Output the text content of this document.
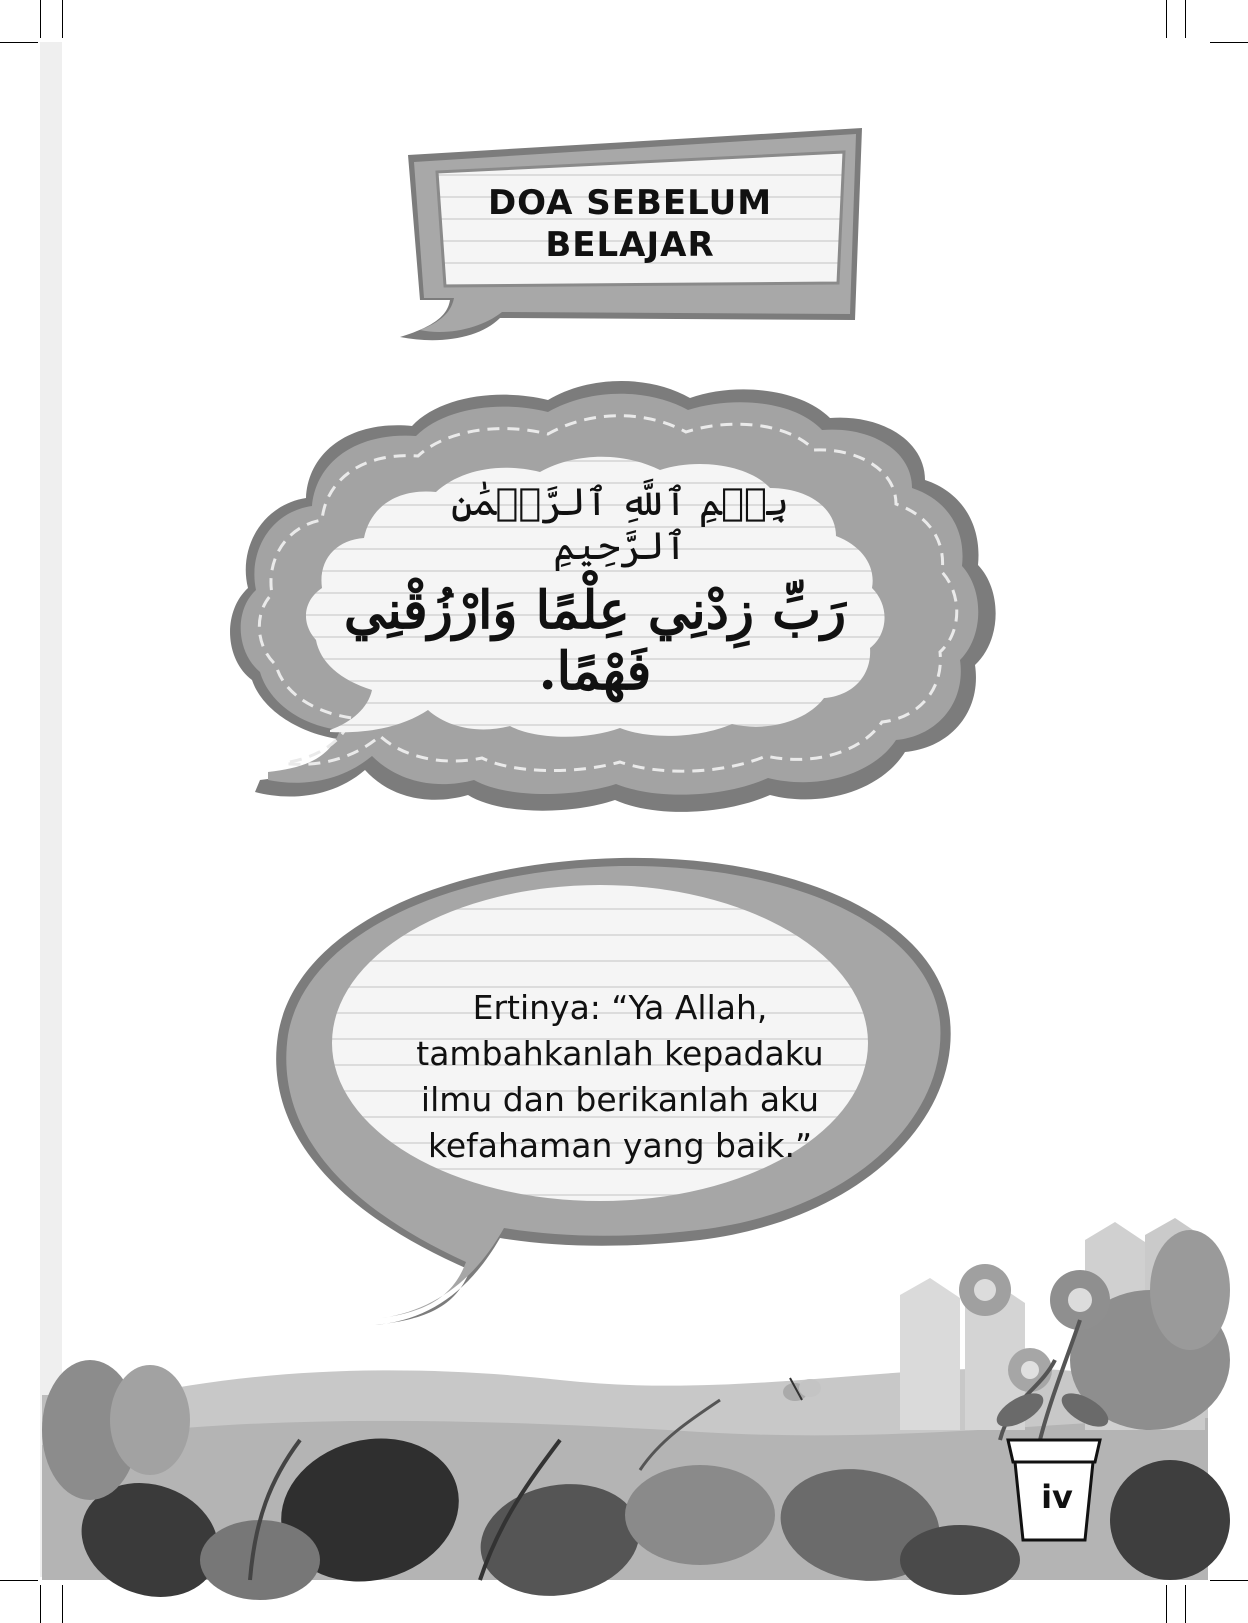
DOA SEBELUM
BELAJAR
بِسۡمِ ٱللَّهِ ٱلرَّحۡمَٰنِ ٱلرَّحِيمِ
رَبِّ زِدْنِي عِلْمًا وَارْزُقْنِي فَهْمًا.
Ertinya: “Ya Allah,
tambahkanlah kepadaku
ilmu dan berikanlah aku
kefahaman yang baik.”
iv
